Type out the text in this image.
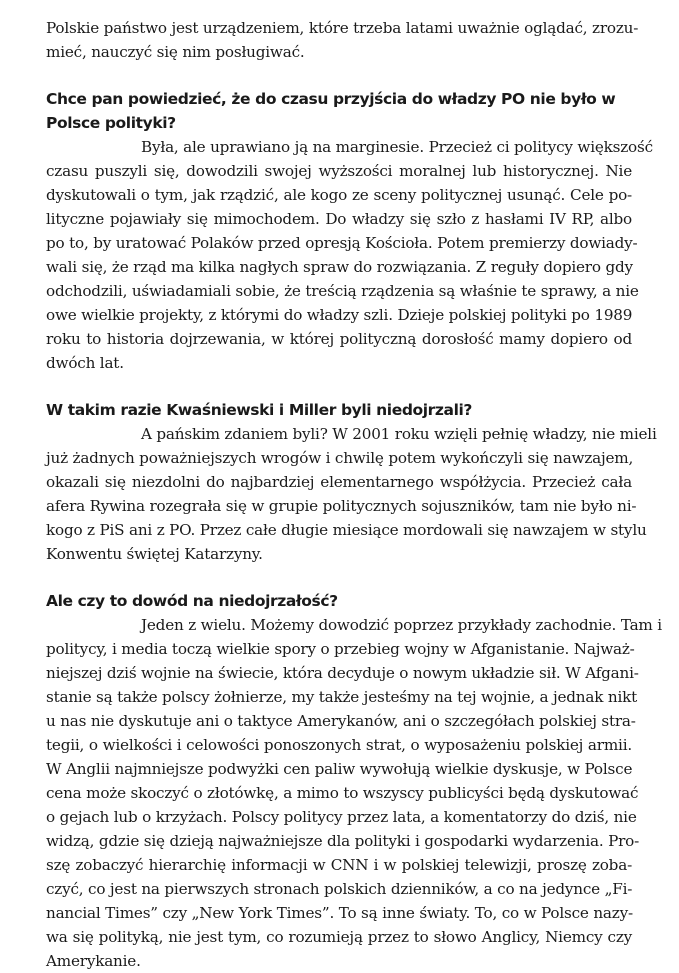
Polskie państwo jest urządzeniem, które trzeba latami uważnie oglądać, zrozu-
mieć, nauczyć się nim posługiwać.
Chce pan powiedzieć, że do czasu przyjścia do władzy PO nie było w
Polsce polityki?
Była, ale uprawiano ją na marginesie. Przecież ci politycy większość
czasu puszyli się, dowodzili swojej wyższości moralnej lub historycznej. Nie
dyskutowali o tym, jak rządzić, ale kogo ze sceny politycznej usunąć. Cele po-
lityczne pojawiały się mimochodem. Do władzy się szło z hasłami IV RP, albo
po to, by uratować Polaków przed opresją Kościoła. Potem premierzy dowiady-
wali się, że rząd ma kilka nagłych spraw do rozwiązania. Z reguły dopiero gdy
odchodzili, uświadamiali sobie, że treścią rządzenia są właśnie te sprawy, a nie
owe wielkie projekty, z którymi do władzy szli. Dzieje polskiej polityki po 1989
roku to historia dojrzewania, w której polityczną dorosłość mamy dopiero od
dwóch lat.
W takim razie Kwaśniewski i Miller byli niedojrzali?
A pańskim zdaniem byli? W 2001 roku wzięli pełnię władzy, nie mieli
już żadnych poważniejszych wrogów i chwilę potem wykończyli się nawzajem,
okazali się niezdolni do najbardziej elementarnego współżycia. Przecież cała
afera Rywina rozegrała się w grupie politycznych sojuszników, tam nie było ni-
kogo z PiS ani z PO. Przez całe długie miesiące mordowali się nawzajem w stylu
Konwentu świętej Katarzyny.
Ale czy to dowód na niedojrzałość?
Jeden z wielu. Możemy dowodzić poprzez przykłady zachodnie. Tam i
politycy, i media toczą wielkie spory o przebieg wojny w Afganistanie. Najważ-
niejszej dziś wojnie na świecie, która decyduje o nowym układzie sił. W Afgani-
stanie są także polscy żołnierze, my także jesteśmy na tej wojnie, a jednak nikt
u nas nie dyskutuje ani o taktyce Amerykanów, ani o szczegółach polskiej stra-
tegii, o wielkości i celowości ponoszonych strat, o wyposażeniu polskiej armii.
W Anglii najmniejsze podwyżki cen paliw wywołują wielkie dyskusje, w Polsce
cena może skoczyć o złotówkę, a mimo to wszyscy publicyści będą dyskutować
o gejach lub o krzyżach. Polscy politycy przez lata, a komentatorzy do dziś, nie
widzą, gdzie się dzieją najważniejsze dla polityki i gospodarki wydarzenia. Pro-
szę zobaczyć hierarchię informacji w CNN i w polskiej telewizji, proszę zoba-
czyć, co jest na pierwszych stronach polskich dzienników, a co na jedynce „Fi-
nancial Times” czy „New York Times”. To są inne światy. To, co w Polsce nazy-
wa się polityką, nie jest tym, co rozumieją przez to słowo Anglicy, Niemcy czy
Amerykanie.
